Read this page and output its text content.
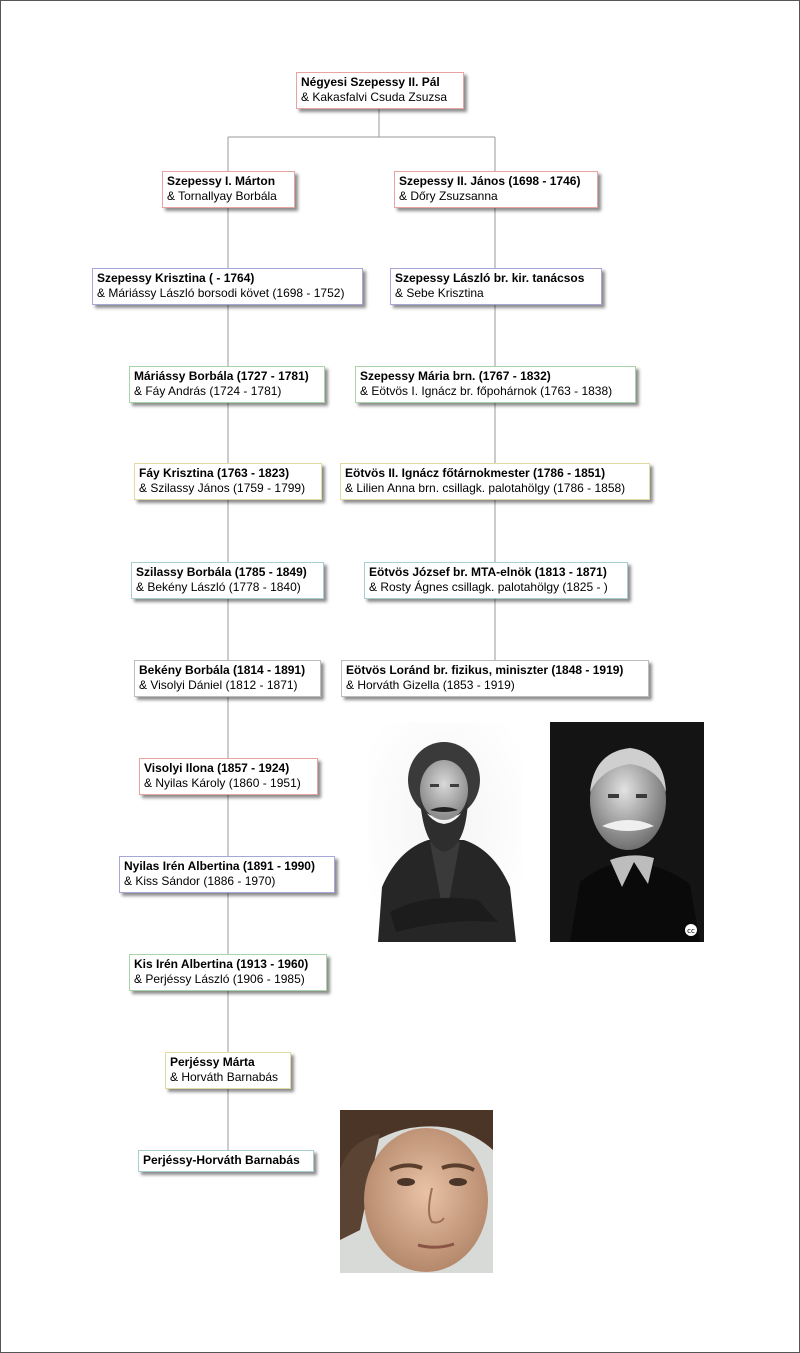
Négyesi Szepessy II. Pál
& Kakasfalvi Csuda Zsuzsa
Szepessy I. Márton
& Tornallyay Borbála
Szepessy II. János (1698 - 1746)
& Dőry Zsuzsanna
Szepessy Krisztina ( - 1764)
& Máriássy László borsodi követ (1698 - 1752)
Szepessy László br. kir. tanácsos
& Sebe Krisztina
Máriássy Borbála (1727 - 1781)
& Fáy András (1724 - 1781)
Szepessy Mária brn. (1767 - 1832)
& Eötvös I. Ignácz br. főpohárnok (1763 - 1838)
Fáy Krisztina (1763 - 1823)
& Szilassy János (1759 - 1799)
Eötvös II. Ignácz főtárnokmester (1786 - 1851)
& Lilien Anna brn. csillagk. palotahölgy (1786 - 1858)
Szilassy Borbála (1785 - 1849)
& Bekény László (1778 - 1840)
Eötvös József br. MTA-elnök (1813 - 1871)
& Rosty Ágnes csillagk. palotahölgy (1825 - )
Bekény Borbála (1814 - 1891)
& Visolyi Dániel (1812 - 1871)
Eötvös Loránd br. fizikus, miniszter (1848 - 1919)
& Horváth Gizella (1853 - 1919)
Visolyi Ilona (1857 - 1924)
& Nyilas Károly (1860 - 1951)
Nyilas Irén Albertina (1891 - 1990)
& Kiss Sándor (1886 - 1970)
Kis Irén Albertina (1913 - 1960)
& Perjéssy László (1906 - 1985)
Perjéssy Márta
& Horváth Barnabás
Perjéssy-Horváth Barnabás
cc
